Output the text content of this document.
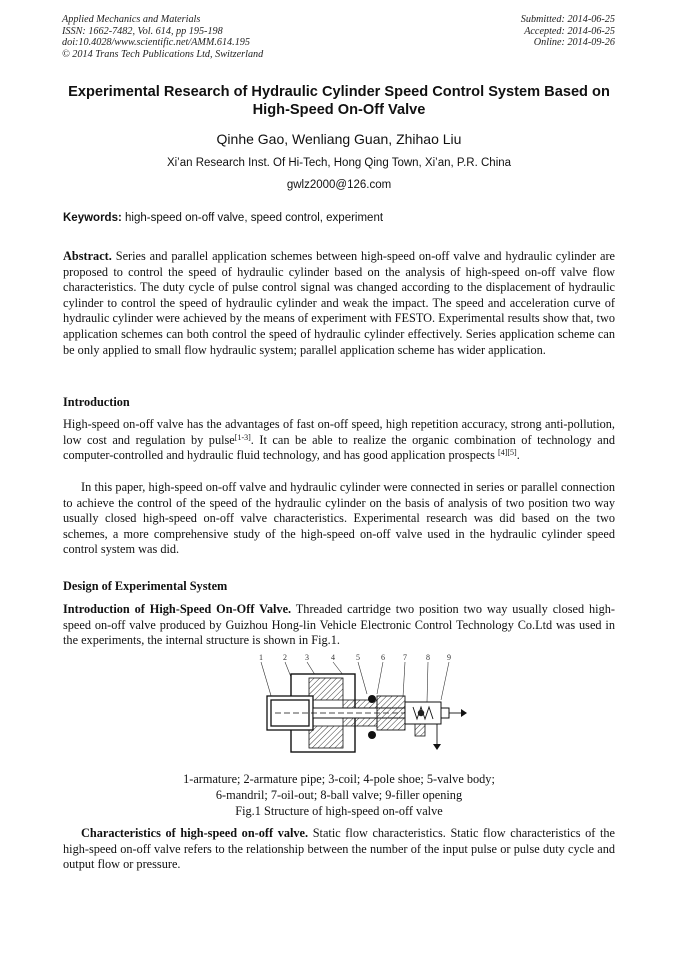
Applied Mechanics and Materials
ISSN: 1662-7482, Vol. 614, pp 195-198
doi:10.4028/www.scientific.net/AMM.614.195
© 2014 Trans Tech Publications Ltd, Switzerland
Submitted: 2014-06-25
Accepted: 2014-06-25
Online: 2014-09-26
Experimental Research of Hydraulic Cylinder Speed Control System Based on High-Speed On-Off Valve
Qinhe Gao, Wenliang Guan, Zhihao Liu
Xi’an Research Inst. Of Hi-Tech, Hong Qing Town, Xi’an, P.R. China
gwlz2000@126.com
Keywords: high-speed on-off valve, speed control, experiment
Abstract. Series and parallel application schemes between high-speed on-off valve and hydraulic cylinder are proposed to control the speed of hydraulic cylinder based on the analysis of high-speed on-off valve flow characteristics. The duty cycle of pulse control signal was changed according to the displacement of hydraulic cylinder to control the speed of hydraulic cylinder and weak the impact. The speed and acceleration curve of hydraulic cylinder were achieved by the means of experiment with FESTO. Experimental results show that, two application schemes can both control the speed of hydraulic cylinder effectively. Series application scheme can be only applied to small flow hydraulic system; parallel application scheme has wider application.
Introduction
High-speed on-off valve has the advantages of fast on-off speed, high repetition accuracy, strong anti-pollution, low cost and regulation by pulse[1-3]. It can be able to realize the organic combination of technology and computer-controlled and hydraulic fluid technology, and has good application prospects [4][5].
In this paper, high-speed on-off valve and hydraulic cylinder were connected in series or parallel connection to achieve the control of the speed of the hydraulic cylinder on the basis of analysis of two position two way usually closed high-speed on-off valve characteristics. Experimental research was did based on the two schemes, a more comprehensive study of the high-speed on-off valve used in the hydraulic cylinder speed control system was did.
Design of Experimental System
Introduction of High-Speed On-Off Valve. Threaded cartridge two position two way usually closed high-speed on-off valve produced by Guizhou Hong-lin Vehicle Electronic Control Technology Co.Ltd was used in the experiments, the internal structure is shown in Fig.1.
1	2 3	4	5	6 7 8 9
1-armature; 2-armature pipe; 3-coil; 4-pole shoe; 5-valve body;
6-mandril; 7-oil-out; 8-ball valve; 9-filler opening
Fig.1 Structure of high-speed on-off valve
Characteristics of high-speed on-off valve. Static flow characteristics. Static flow characteristics of the high-speed on-off valve refers to the relationship between the number of the input pulse or pulse duty cycle and output flow or pressure.
